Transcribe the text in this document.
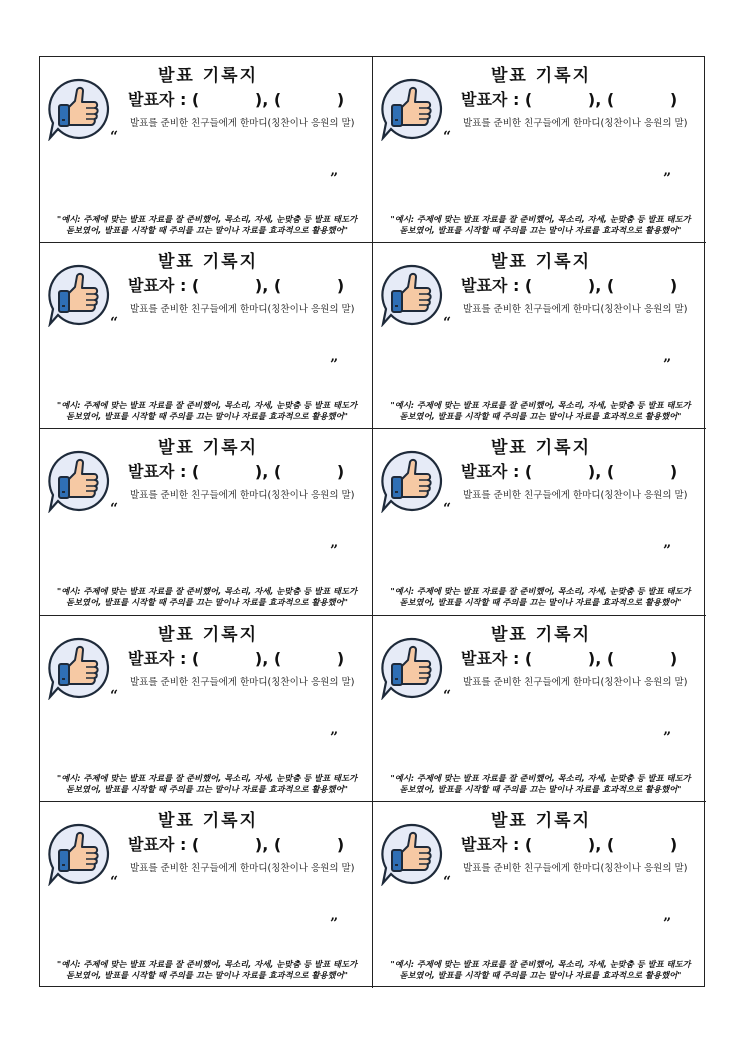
발표 기록지
발표자 : (          ), (          )
발표를 준비한 친구들에게 한마디(칭찬이나 응원의 말)
“
”
"예시: 주제에 맞는 발표 자료를 잘 준비했어, 목소리, 자세, 눈맞춤 등 발표 태도가
돋보였어, 발표를 시작할 때 주의를 끄는 말이나 자료를 효과적으로 활용했어"
발표 기록지
발표자 : (          ), (          )
발표를 준비한 친구들에게 한마디(칭찬이나 응원의 말)
“
”
"예시: 주제에 맞는 발표 자료를 잘 준비했어, 목소리, 자세, 눈맞춤 등 발표 태도가
돋보였어, 발표를 시작할 때 주의를 끄는 말이나 자료를 효과적으로 활용했어"
발표 기록지
발표자 : (          ), (          )
발표를 준비한 친구들에게 한마디(칭찬이나 응원의 말)
“
”
"예시: 주제에 맞는 발표 자료를 잘 준비했어, 목소리, 자세, 눈맞춤 등 발표 태도가
돋보였어, 발표를 시작할 때 주의를 끄는 말이나 자료를 효과적으로 활용했어"
발표 기록지
발표자 : (          ), (          )
발표를 준비한 친구들에게 한마디(칭찬이나 응원의 말)
“
”
"예시: 주제에 맞는 발표 자료를 잘 준비했어, 목소리, 자세, 눈맞춤 등 발표 태도가
돋보였어, 발표를 시작할 때 주의를 끄는 말이나 자료를 효과적으로 활용했어"
발표 기록지
발표자 : (          ), (          )
발표를 준비한 친구들에게 한마디(칭찬이나 응원의 말)
“
”
"예시: 주제에 맞는 발표 자료를 잘 준비했어, 목소리, 자세, 눈맞춤 등 발표 태도가
돋보였어, 발표를 시작할 때 주의를 끄는 말이나 자료를 효과적으로 활용했어"
발표 기록지
발표자 : (          ), (          )
발표를 준비한 친구들에게 한마디(칭찬이나 응원의 말)
“
”
"예시: 주제에 맞는 발표 자료를 잘 준비했어, 목소리, 자세, 눈맞춤 등 발표 태도가
돋보였어, 발표를 시작할 때 주의를 끄는 말이나 자료를 효과적으로 활용했어"
발표 기록지
발표자 : (          ), (          )
발표를 준비한 친구들에게 한마디(칭찬이나 응원의 말)
“
”
"예시: 주제에 맞는 발표 자료를 잘 준비했어, 목소리, 자세, 눈맞춤 등 발표 태도가
돋보였어, 발표를 시작할 때 주의를 끄는 말이나 자료를 효과적으로 활용했어"
발표 기록지
발표자 : (          ), (          )
발표를 준비한 친구들에게 한마디(칭찬이나 응원의 말)
“
”
"예시: 주제에 맞는 발표 자료를 잘 준비했어, 목소리, 자세, 눈맞춤 등 발표 태도가
돋보였어, 발표를 시작할 때 주의를 끄는 말이나 자료를 효과적으로 활용했어"
발표 기록지
발표자 : (          ), (          )
발표를 준비한 친구들에게 한마디(칭찬이나 응원의 말)
“
”
"예시: 주제에 맞는 발표 자료를 잘 준비했어, 목소리, 자세, 눈맞춤 등 발표 태도가
돋보였어, 발표를 시작할 때 주의를 끄는 말이나 자료를 효과적으로 활용했어"
발표 기록지
발표자 : (          ), (          )
발표를 준비한 친구들에게 한마디(칭찬이나 응원의 말)
“
”
"예시: 주제에 맞는 발표 자료를 잘 준비했어, 목소리, 자세, 눈맞춤 등 발표 태도가
돋보였어, 발표를 시작할 때 주의를 끄는 말이나 자료를 효과적으로 활용했어"
